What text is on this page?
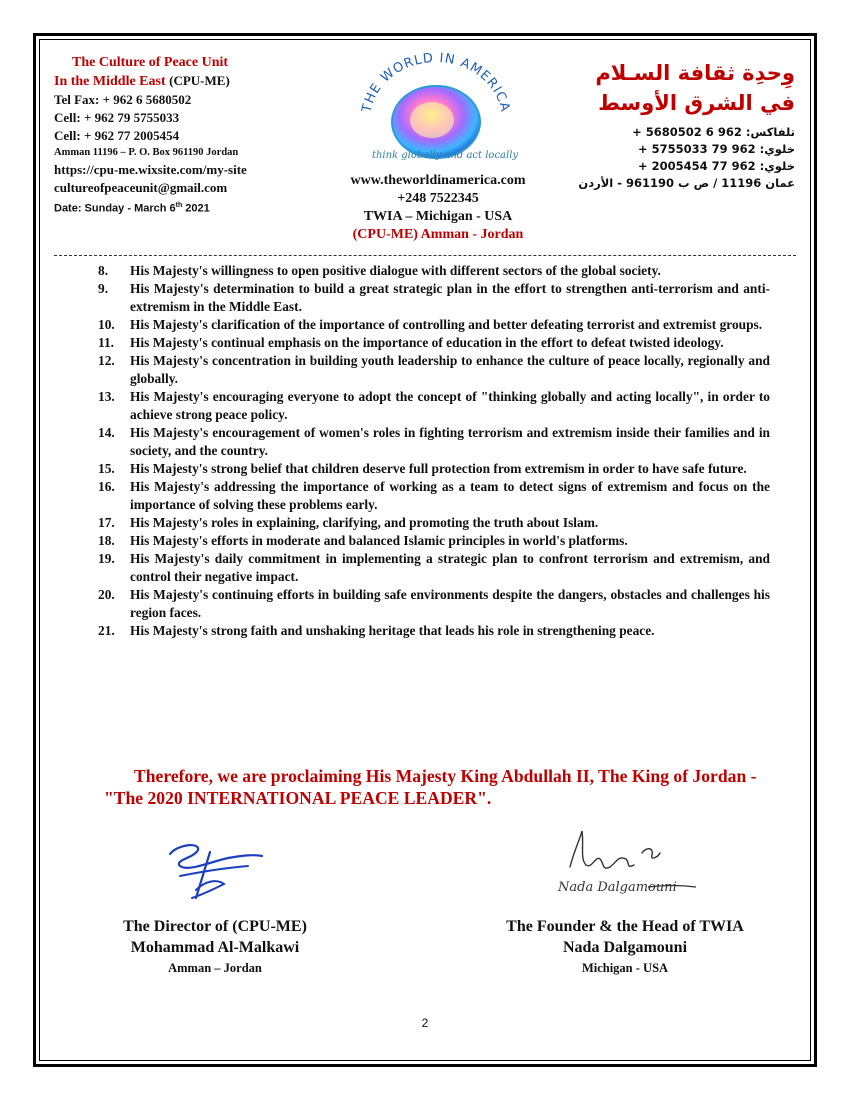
The Culture of Peace Unit
In the Middle East (CPU-ME)
Tel Fax: + 962 6 5680502
Cell: + 962 79 5755033
Cell: + 962 77 2005454
Amman 11196 – P. O. Box 961190 Jordan
https://cpu-me.wixsite.com/my-site
cultureofpeaceunit@gmail.com
Date: Sunday - March 6th 2021
THE WORLD IN AMERICA
think globally and act locally
www.theworldinamerica.com
+248 7522345
TWIA – Michigan - USA
(CPU-ME) Amman - Jordan
وِحدِة ثقافة السـلام
في الشرق الأوسط
تلفاكس: 962 6 5680502 +
خلوي: 962 79 5755033 +
خلوي: 962 77 2005454 +
عمان 11196 / ص ب 961190 - الأردن
8.	His Majesty's willingness to open positive dialogue with different sectors of the global society.
9.	His Majesty's determination to build a great strategic plan in the effort to strengthen anti-terrorism and anti-extremism in the Middle East.
10.	His Majesty's clarification of the importance of controlling and better defeating terrorist and extremist groups.
11.	His Majesty's continual emphasis on the importance of education in the effort to defeat twisted ideology.
12.	His Majesty's concentration in building youth leadership to enhance the culture of peace locally, regionally and globally.
13.	His Majesty's encouraging everyone to adopt the concept of "thinking globally and acting locally", in order to achieve strong peace policy.
14.	His Majesty's encouragement of women's roles in fighting terrorism and extremism inside their families and in society, and the country.
15.	His Majesty's strong belief that children deserve full protection from extremism in order to have safe future.
16.	His Majesty's addressing the importance of working as a team to detect signs of extremism and focus on the importance of solving these problems early.
17.	His Majesty's roles in explaining, clarifying, and promoting the truth about Islam.
18.	His Majesty's efforts in moderate and balanced Islamic principles in world's platforms.
19.	His Majesty's daily commitment in implementing a strategic plan to confront terrorism and extremism, and control their negative impact.
20.	His Majesty's continuing efforts in building safe environments despite the dangers, obstacles and challenges his region faces.
21.	His Majesty's strong faith and unshaking heritage that leads his role in strengthening peace.
Therefore, we are proclaiming His Majesty King Abdullah II, The King of Jordan - "The 2020 INTERNATIONAL PEACE LEADER".
Nada Dalgamouni
The Director of (CPU-ME)
Mohammad Al-Malkawi
Amman – Jordan
The Founder & the Head of TWIA
Nada Dalgamouni
Michigan - USA
2
